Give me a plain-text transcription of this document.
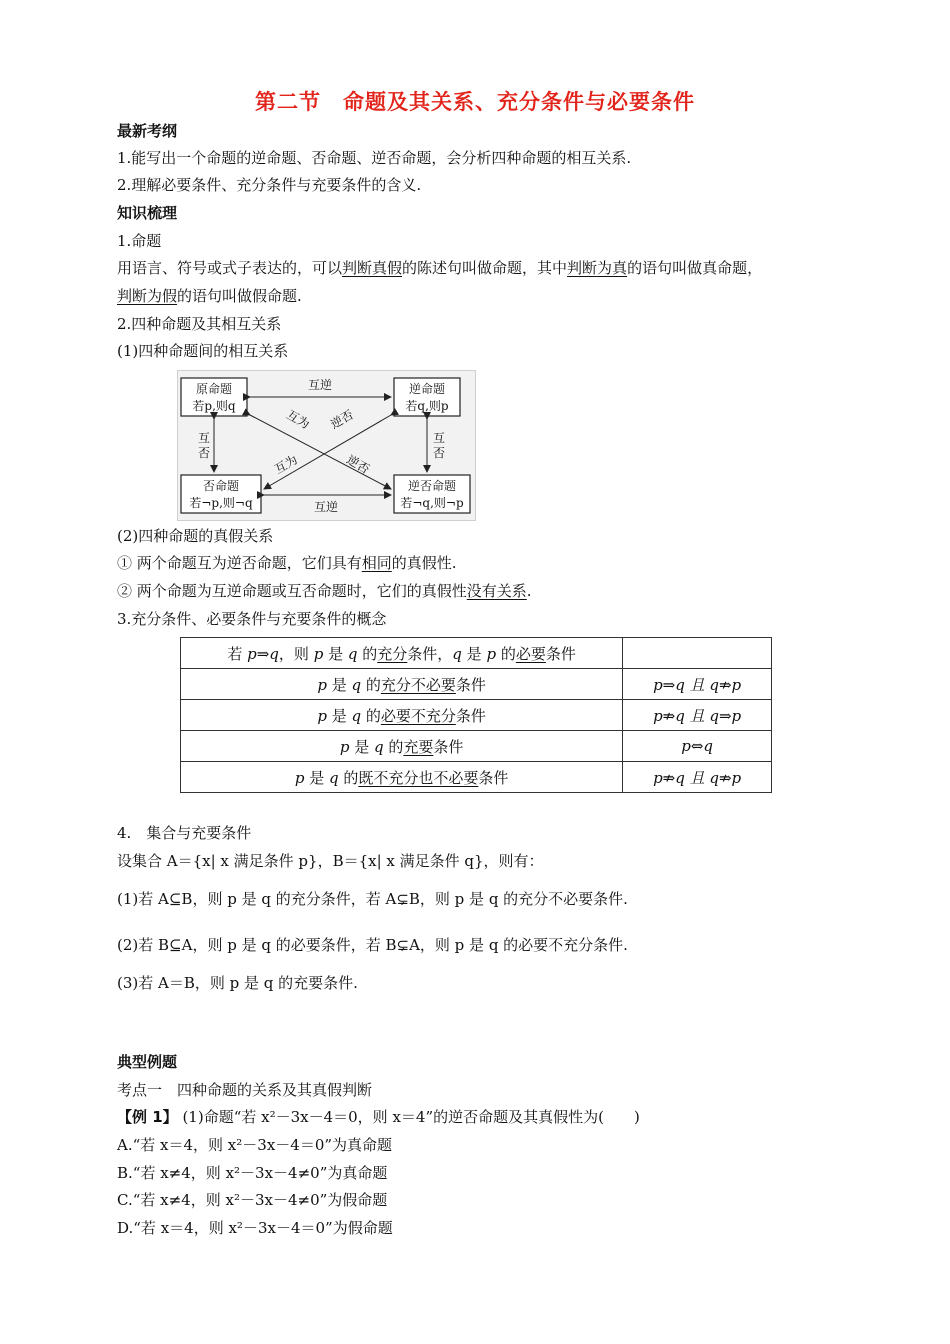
第二节　命题及其关系、充分条件与必要条件
最新考纲
1.能写出一个命题的逆命题、否命题、逆否命题，会分析四种命题的相互关系.
2.理解必要条件、充分条件与充要条件的含义.
知识梳理
1.命题
用语言、符号或式子表达的，可以判断真假的陈述句叫做命题，其中判断为真的语句叫做真命题，
判断为假的语句叫做假命题.
2.四种命题及其相互关系
(1)四种命题间的相互关系
原命题
若p,则q
逆命题
若q,则p
否命题
若¬p,则¬q
逆否命题
若¬q,则¬p
互逆
互逆
互
否
互
否
互为 逆否
互为	逆否
(2)四种命题的真假关系
① 两个命题互为逆否命题，它们具有相同的真假性.
② 两个命题为互逆命题或互否命题时，它们的真假性没有关系.
3.充分条件、必要条件与充要条件的概念
若 p⇒q，则 p 是 q 的充分条件，q 是 p 的必要条件	
p 是 q 的充分不必要条件	p⇒q 且 q⇏p
p 是 q 的必要不充分条件	p⇏q 且 q⇒p
p 是 q 的充要条件	p⇔q
p 是 q 的既不充分也不必要条件	p⇏q 且 q⇏p
4.　集合与充要条件
设集合 A＝{x| x 满足条件 p}，B＝{x| x 满足条件 q}，则有：
(1)若 A⊆B，则 p 是 q 的充分条件，若 A⊊B，则 p 是 q 的充分不必要条件.
(2)若 B⊆A，则 p 是 q 的必要条件，若 B⊊A，则 p 是 q 的必要不充分条件.
(3)若 A＝B，则 p 是 q 的充要条件.
典型例题
考点一　四种命题的关系及其真假判断
【例 1】 (1)命题“若 x²－3x－4＝0，则 x＝4”的逆否命题及其真假性为(　　)
A.“若 x＝4，则 x²－3x－4＝0”为真命题
B.“若 x≠4，则 x²－3x－4≠0”为真命题
C.“若 x≠4，则 x²－3x－4≠0”为假命题
D.“若 x＝4，则 x²－3x－4＝0”为假命题
